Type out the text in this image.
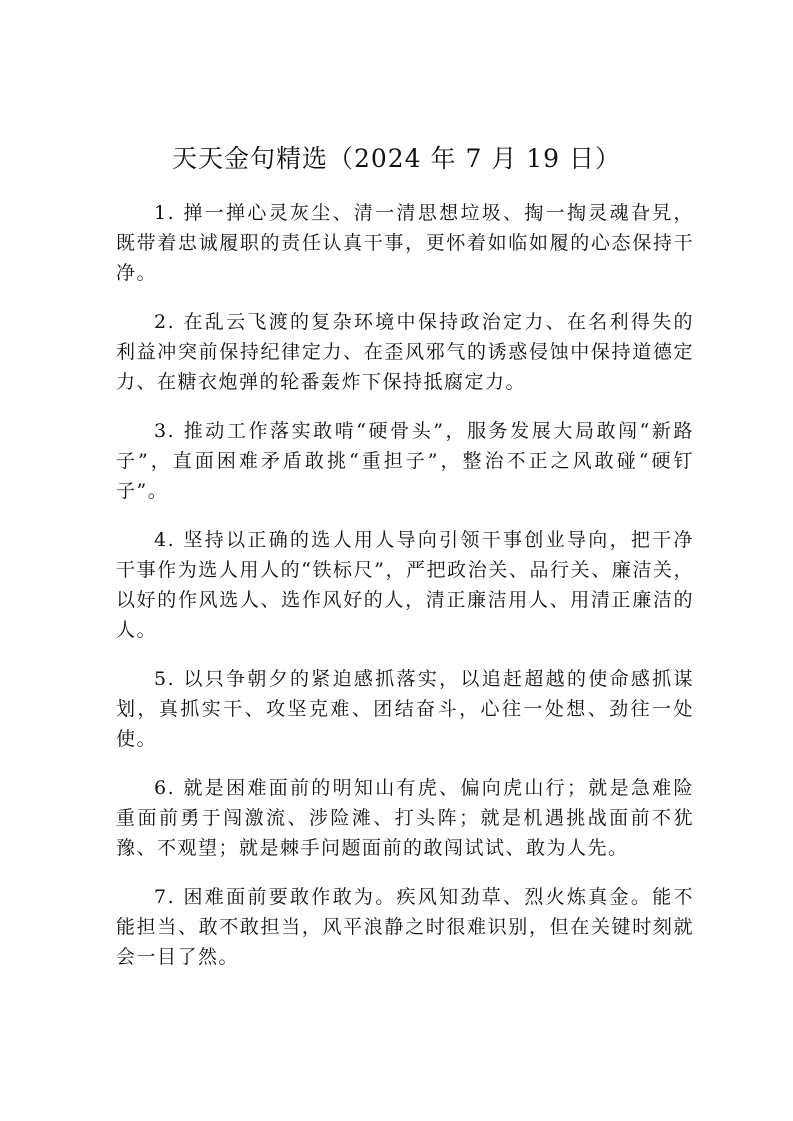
天天金句精选（2024 年 7 月 19 日）

1. 掸一掸心灵灰尘、清一清思想垃圾、掏一掏灵魂旮旯，既带着忠诚履职的责任认真干事，更怀着如临如履的心态保持干净。

2. 在乱云飞渡的复杂环境中保持政治定力、在名利得失的利益冲突前保持纪律定力、在歪风邪气的诱惑侵蚀中保持道德定力、在糖衣炮弹的轮番轰炸下保持抵腐定力。

3. 推动工作落实敢啃“硬骨头”，服务发展大局敢闯“新路子”，直面困难矛盾敢挑“重担子”，整治不正之风敢碰“硬钉子”。

4. 坚持以正确的选人用人导向引领干事创业导向，把干净干事作为选人用人的“铁标尺”，严把政治关、品行关、廉洁关，以好的作风选人、选作风好的人，清正廉洁用人、用清正廉洁的人。

5. 以只争朝夕的紧迫感抓落实，以追赶超越的使命感抓谋划，真抓实干、攻坚克难、团结奋斗，心往一处想、劲往一处使。

6. 就是困难面前的明知山有虎、偏向虎山行；就是急难险重面前勇于闯激流、涉险滩、打头阵；就是机遇挑战面前不犹豫、不观望；就是棘手问题面前的敢闯试试、敢为人先。

7. 困难面前要敢作敢为。疾风知劲草、烈火炼真金。能不能担当、敢不敢担当，风平浪静之时很难识别，但在关键时刻就会一目了然。
